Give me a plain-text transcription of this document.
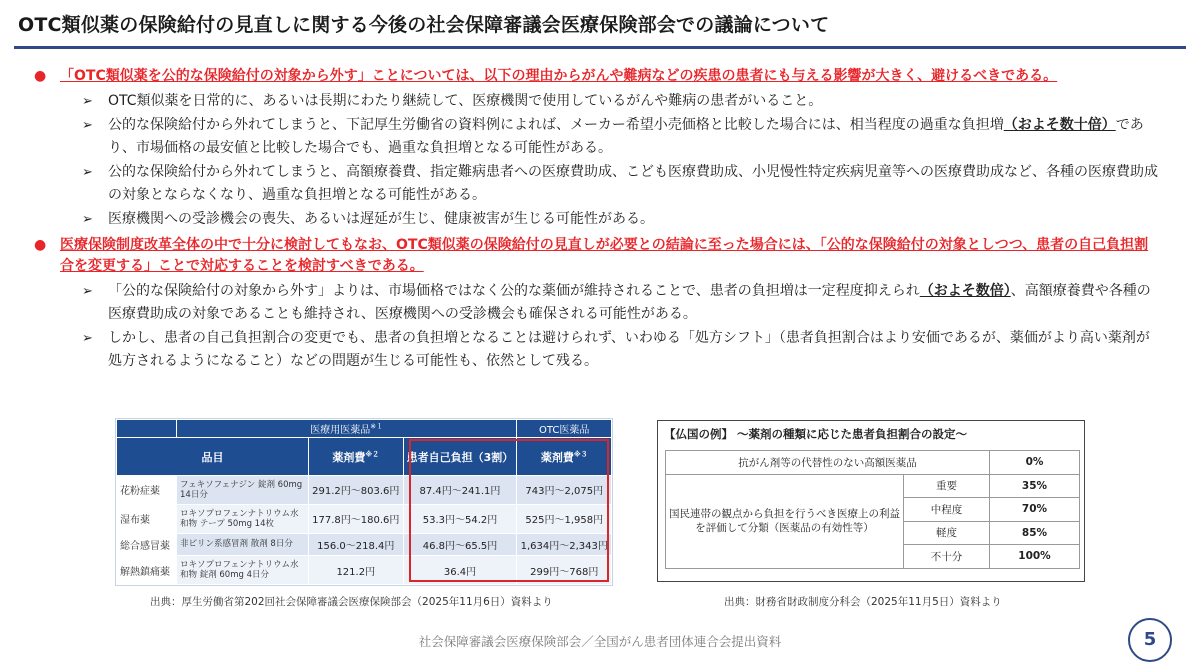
OTC類似薬の保険給付の見直しに関する今後の社会保障審議会医療保険部会での議論について
● 「OTC類似薬を公的な保険給付の対象から外す」ことについては、以下の理由からがんや難病などの疾患の患者にも与える影響が大きく、避けるべきである。
➢ OTC類似薬を日常的に、あるいは長期にわたり継続して、医療機関で使用しているがんや難病の患者がいること。
➢ 公的な保険給付から外れてしまうと、下記厚生労働省の資料例によれば、メーカー希望小売価格と比較した場合には、相当程度の過重な負担増（およそ数十倍）であり、市場価格の最安値と比較した場合でも、過重な負担増となる可能性がある。
➢ 公的な保険給付から外れてしまうと、高額療養費、指定難病患者への医療費助成、こども医療費助成、小児慢性特定疾病児童等への医療費助成など、各種の医療費助成の対象とならなくなり、過重な負担増となる可能性がある。
➢ 医療機関への受診機会の喪失、あるいは遅延が生じ、健康被害が生じる可能性がある。
● 医療保険制度改革全体の中で十分に検討してもなお、OTC類似薬の保険給付の見直しが必要との結論に至った場合には、「公的な保険給付の対象としつつ、患者の自己負担割合を変更する」ことで対応することを検討すべきである。
➢ 「公的な保険給付の対象から外す」よりは、市場価格ではなく公的な薬価が維持されることで、患者の負担増は一定程度抑えられ（およそ数倍）、高額療養費や各種の医療費助成の対象であることも維持され、医療機関への受診機会も確保される可能性がある。
➢ しかし、患者の自己負担割合の変更でも、患者の負担増となることは避けられず、いわゆる「処方シフト」（患者負担割合はより安価であるが、薬価がより高い薬剤が処方されるようになること）などの問題が生じる可能性も、依然として残る。
	医療用医薬品$^{※1}$			OTC医薬品
品目		薬剤費$^{※2}$	患者自己負担（3割）	薬剤費$^{※3}$
花粉症薬	フェキソフェナジン 錠剤 60mg 14日分	291.2円～803.6円	87.4円～241.1円	743円～2,075円
湿布薬	ロキソプロフェンナトリウム水和物 テープ 50mg 14枚	177.8円～180.6円	53.3円～54.2円	525円～1,958円
総合感冒薬	非ピリン系感冒剤 散剤 8日分	156.0～218.4円	46.8円～65.5円	1,634円～2,343円
解熱鎮痛薬	ロキソプロフェンナトリウム水和物 錠剤 60mg 4日分	121.2円	36.4円	299円～768円
出典：厚生労働省第202回社会保障審議会医療保険部会（2025年11月6日）資料より
【仏国の例】 ～薬剤の種類に応じた患者負担割合の設定～
抗がん剤等の代替性のない高額医薬品		0%
国民連帯の観点から負担を行うべき医療上の利益を評価して分類（医薬品の有効性等）	重要	35%
	中程度	70%
	軽度	85%
	不十分	100%
出典：財務省財政制度分科会（2025年11月5日）資料より
社会保障審議会医療保険部会／全国がん患者団体連合会提出資料	5
